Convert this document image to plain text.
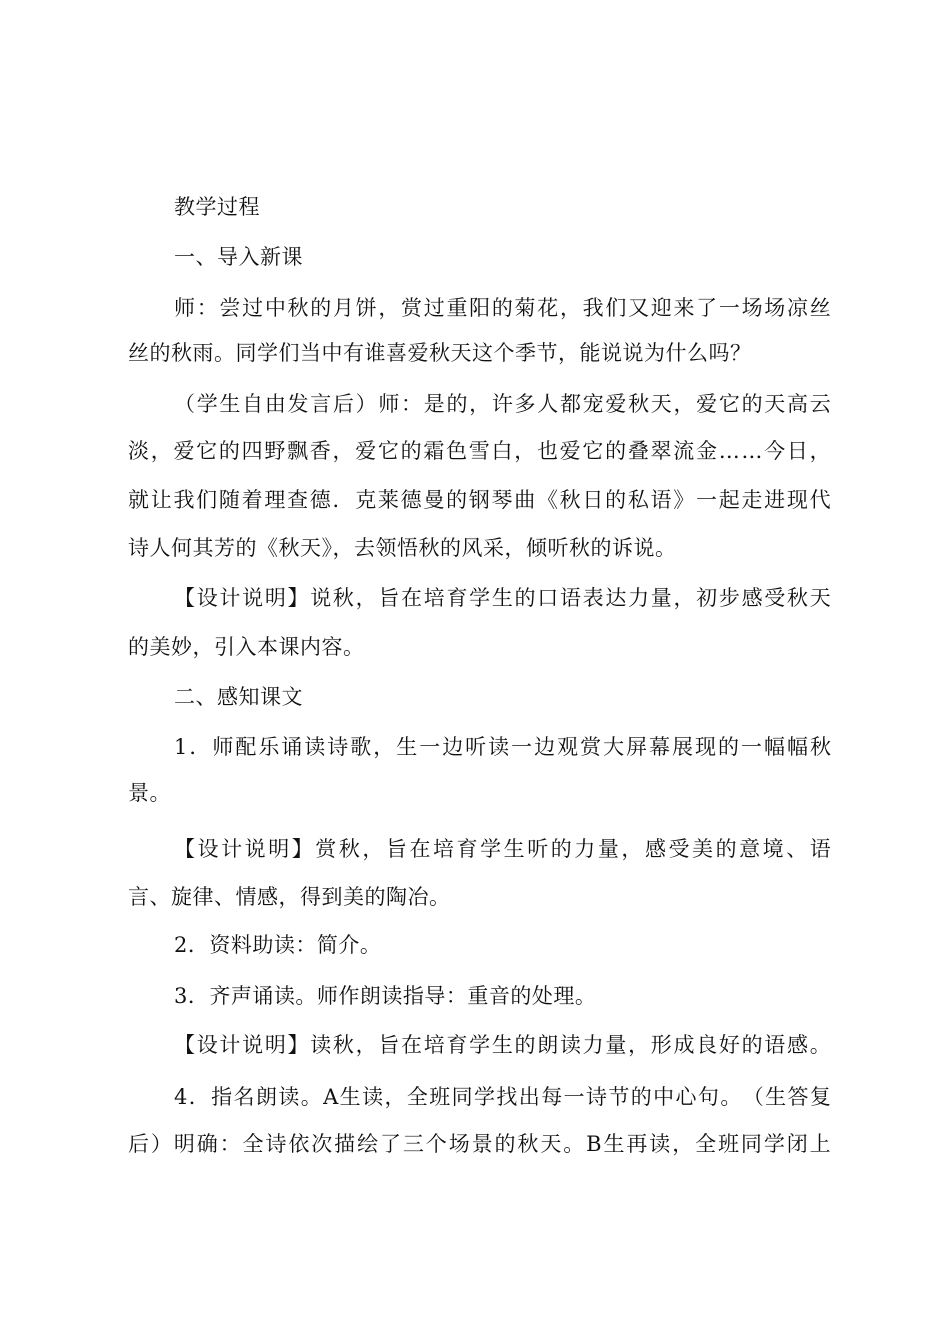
教学过程
一、导入新课
师 ： 尝 过 中 秋 的 月 饼 ， 赏 过 重 阳 的 菊 花 ， 我 们 又 迎 来 了 一 场 场 凉 丝
丝的秋雨。同学们当中有谁喜爱秋天这个季节，能说说为什么吗？
（ 学 生 自 由 发 言 后 ） 师 ： 是 的 ， 许 多 人 都 宠 爱 秋 天 ， 爱 它 的 天 高 云
淡 ， 爱 它 的 四 野 飘 香 ， 爱 它 的 霜 色 雪 白 ， 也 爱 它 的 叠 翠 流 金 … … 今 日 ，
就 让 我 们 随 着 理 查 德 ． 克 莱 德 曼 的 钢 琴 曲 《 秋 日 的 私 语 》 一 起 走 进 现 代
诗人何其芳的《秋天》，去领悟秋的风采，倾听秋的诉说。
【 设 计 说 明 】 说 秋 ， 旨 在 培 育 学 生 的 口 语 表 达 力 量 ， 初 步 感 受 秋 天
的美妙，引入本课内容。
二、感知课文
1 ． 师 配 乐 诵 读 诗 歌 ， 生 一 边 听 读 一 边 观 赏 大 屏 幕 展 现 的 一 幅 幅 秋
景。
【 设 计 说 明 】 赏 秋 ， 旨 在 培 育 学 生 听 的 力 量 ， 感 受 美 的 意 境 、 语
言、旋律、情感，得到美的陶冶。
2．资料助读：简介。
3．齐声诵读。师作朗读指导：重音的处理。
【 设 计 说 明 】 读 秋 ， 旨 在 培 育 学 生 的 朗 读 力 量 ， 形 成 良 好 的 语 感 。
4 ． 指 名 朗 读 。 A 生 读 ， 全 班 同 学 找 出 每 一 诗 节 的 中 心 句 。 （ 生 答 复
后 ） 明 确 ： 全 诗 依 次 描 绘 了 三 个 场 景 的 秋 天 。 B 生 再 读 ， 全 班 同 学 闭 上
